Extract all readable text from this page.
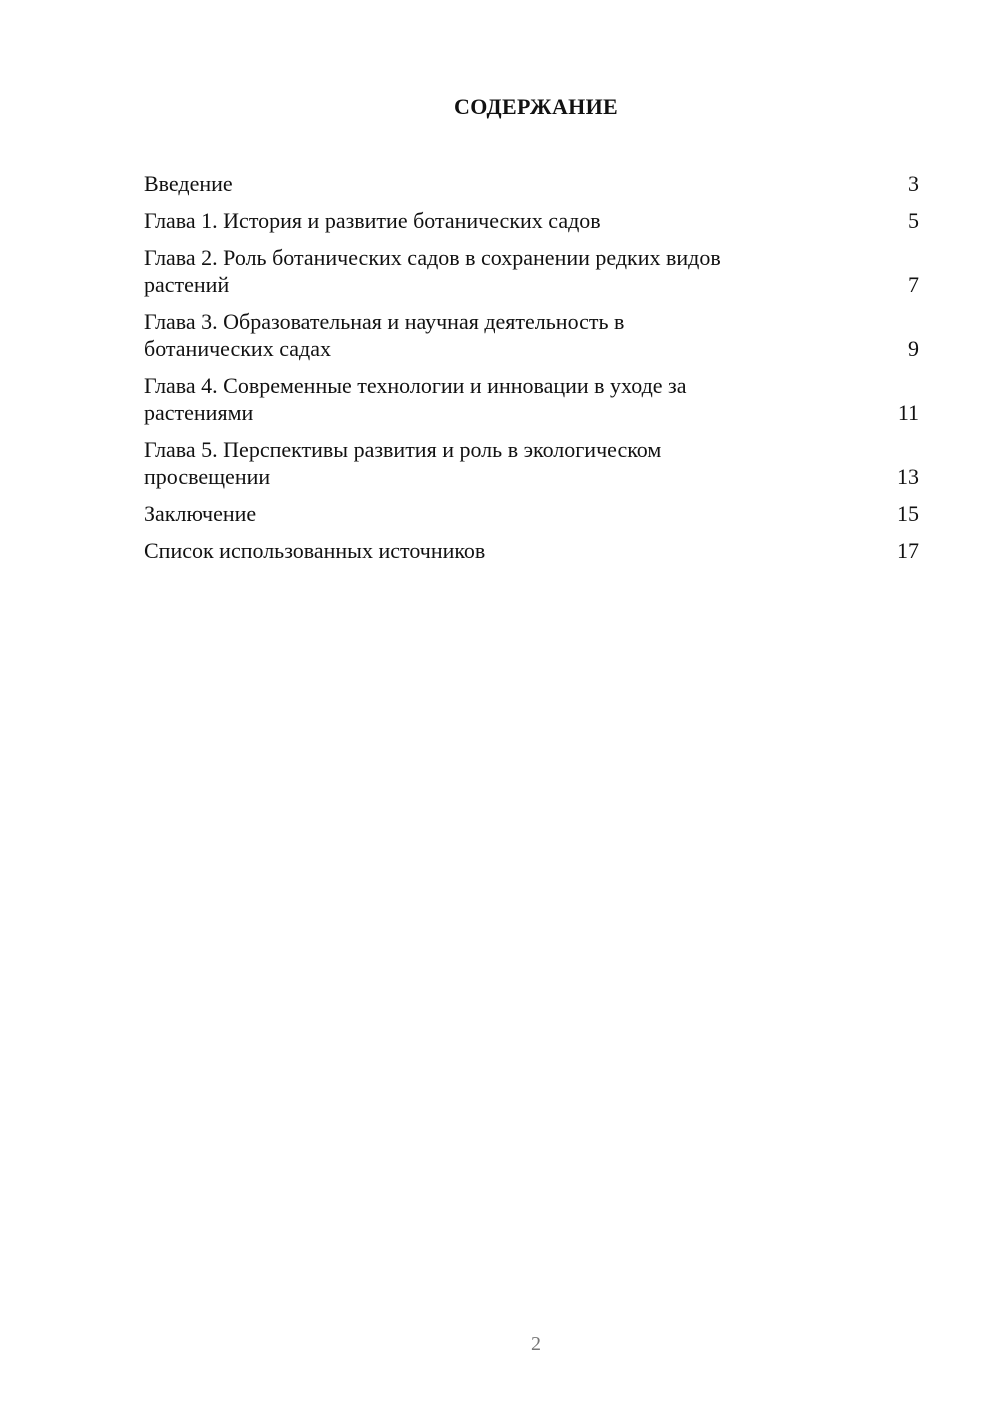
СОДЕРЖАНИЕ
Введение	3
Глава 1. История и развитие ботанических садов	5
Глава 2. Роль ботанических садов в сохранении редких видов
растений	7
Глава 3. Образовательная и научная деятельность в
ботанических садах	9
Глава 4. Современные технологии и инновации в уходе за
растениями	11
Глава 5. Перспективы развития и роль в экологическом
просвещении	13
Заключение	15
Список использованных источников	17
2
